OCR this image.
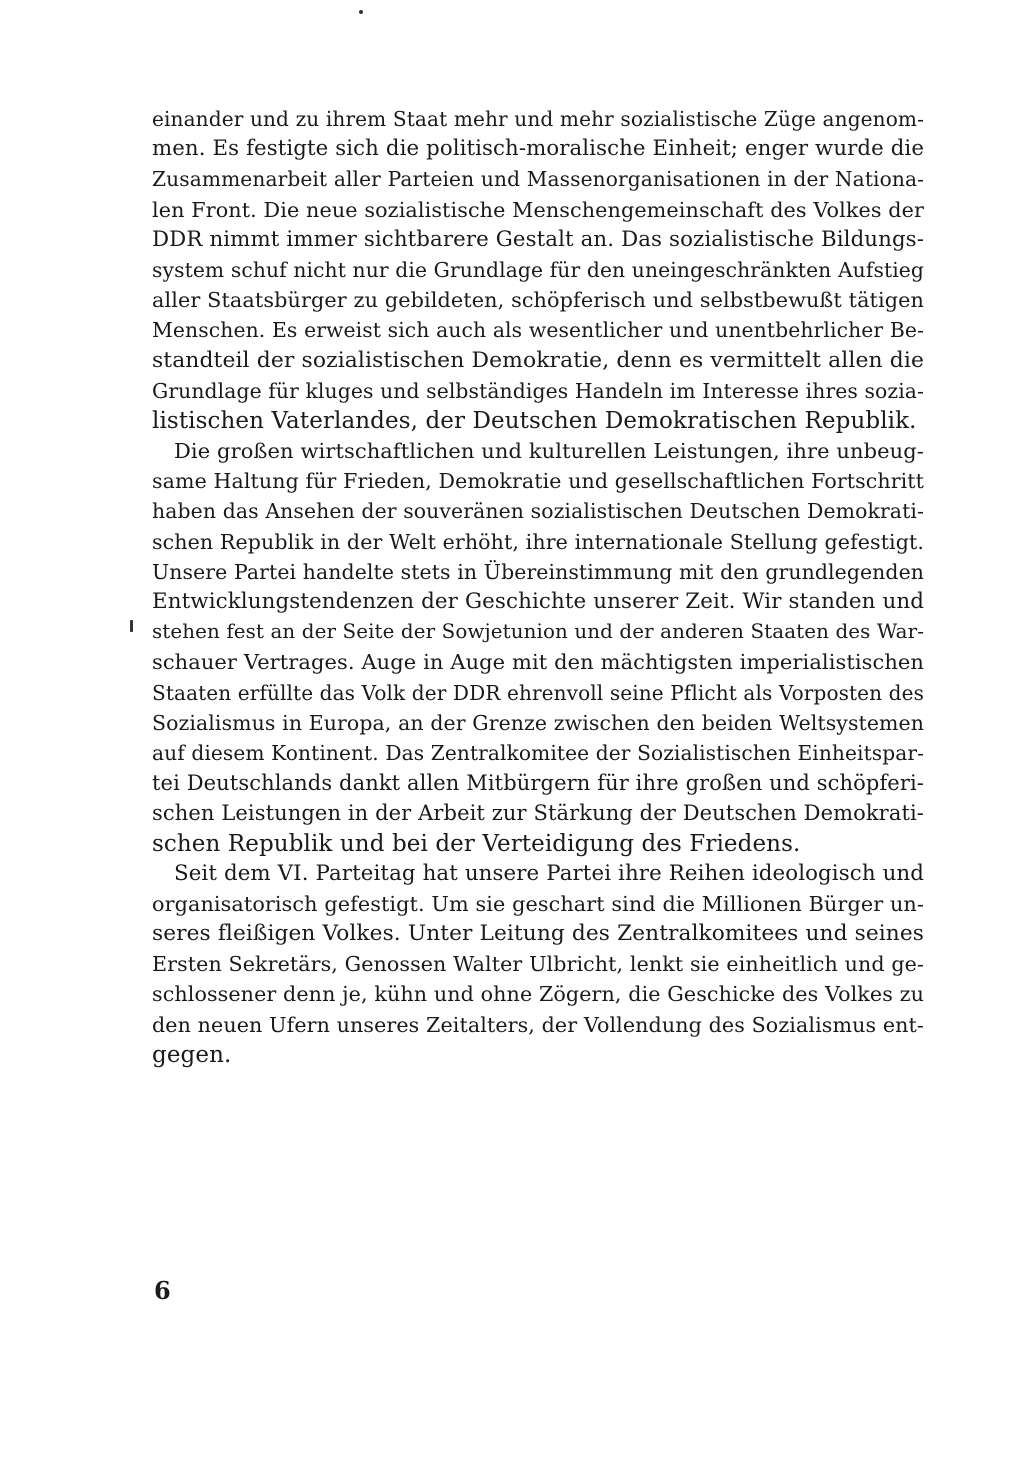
einander und zu ihrem Staat mehr und mehr sozialistische Züge angenom-
men. Es festigte sich die politisch-moralische Einheit; enger wurde die
Zusammenarbeit aller Parteien und Massenorganisationen in der Nationa-
len Front. Die neue sozialistische Menschengemeinschaft des Volkes der
DDR nimmt immer sichtbarere Gestalt an. Das sozialistische Bildungs-
system schuf nicht nur die Grundlage für den uneingeschränkten Aufstieg
aller Staatsbürger zu gebildeten, schöpferisch und selbstbewußt tätigen
Menschen. Es erweist sich auch als wesentlicher und unentbehrlicher Be-
standteil der sozialistischen Demokratie, denn es vermittelt allen die
Grundlage für kluges und selbständiges Handeln im Interesse ihres sozia-
listischen Vaterlandes, der Deutschen Demokratischen Republik.
Die großen wirtschaftlichen und kulturellen Leistungen, ihre unbeug-
same Haltung für Frieden, Demokratie und gesellschaftlichen Fortschritt
haben das Ansehen der souveränen sozialistischen Deutschen Demokrati-
schen Republik in der Welt erhöht, ihre internationale Stellung gefestigt.
Unsere Partei handelte stets in Übereinstimmung mit den grundlegenden
Entwicklungstendenzen der Geschichte unserer Zeit. Wir standen und
stehen fest an der Seite der Sowjetunion und der anderen Staaten des War-
schauer Vertrages. Auge in Auge mit den mächtigsten imperialistischen
Staaten erfüllte das Volk der DDR ehrenvoll seine Pflicht als Vorposten des
Sozialismus in Europa, an der Grenze zwischen den beiden Weltsystemen
auf diesem Kontinent. Das Zentralkomitee der Sozialistischen Einheitspar-
tei Deutschlands dankt allen Mitbürgern für ihre großen und schöpferi-
schen Leistungen in der Arbeit zur Stärkung der Deutschen Demokrati-
schen Republik und bei der Verteidigung des Friedens.
Seit dem VI. Parteitag hat unsere Partei ihre Reihen ideologisch und
organisatorisch gefestigt. Um sie geschart sind die Millionen Bürger un-
seres fleißigen Volkes. Unter Leitung des Zentralkomitees und seines
Ersten Sekretärs, Genossen Walter Ulbricht, lenkt sie einheitlich und ge-
schlossener denn je, kühn und ohne Zögern, die Geschicke des Volkes zu
den neuen Ufern unseres Zeitalters, der Vollendung des Sozialismus ent-
gegen.
6
